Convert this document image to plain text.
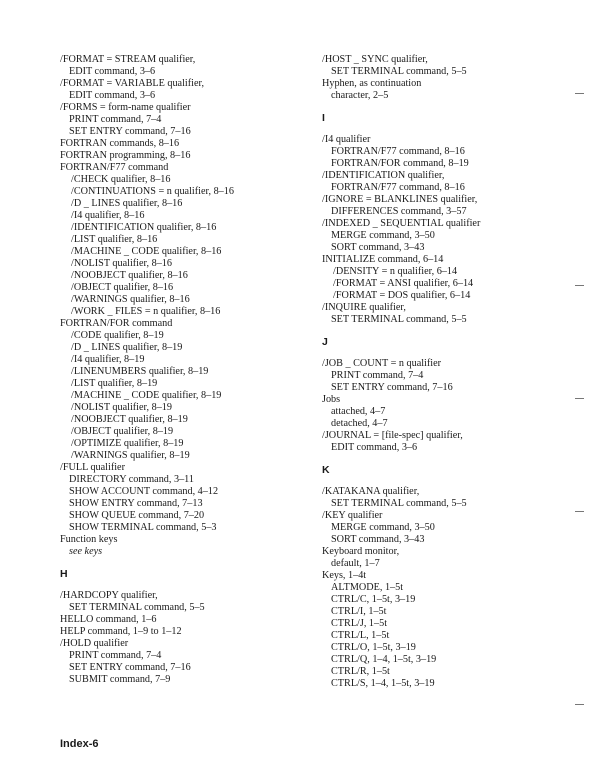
/FORMAT = STREAM qualifier,
EDIT command, 3–6
/FORMAT = VARIABLE qualifier,
EDIT command, 3–6
/FORMS = form-name qualifier
PRINT command, 7–4
SET ENTRY command, 7–16
FORTRAN commands, 8–16
FORTRAN programming, 8–16
FORTRAN/F77 command
/CHECK qualifier, 8–16
/CONTINUATIONS = n qualifier, 8–16
/D _ LINES qualifier, 8–16
/I4 qualifier, 8–16
/IDENTIFICATION qualifier, 8–16
/LIST qualifier, 8–16
/MACHINE _ CODE qualifier, 8–16
/NOLIST qualifier, 8–16
/NOOBJECT qualifier, 8–16
/OBJECT qualifier, 8–16
/WARNINGS qualifier, 8–16
/WORK _ FILES = n qualifier, 8–16
FORTRAN/FOR command
/CODE qualifier, 8–19
/D _ LINES qualifier, 8–19
/I4 qualifier, 8–19
/LINENUMBERS qualifier, 8–19
/LIST qualifier, 8–19
/MACHINE _ CODE qualifier, 8–19
/NOLIST qualifier, 8–19
/NOOBJECT qualifier, 8–19
/OBJECT qualifier, 8–19
/OPTIMIZE qualifier, 8–19
/WARNINGS qualifier, 8–19
/FULL qualifier
DIRECTORY command, 3–11
SHOW ACCOUNT command, 4–12
SHOW ENTRY command, 7–13
SHOW QUEUE command, 7–20
SHOW TERMINAL command, 5–3
Function keys
see keys
H
/HARDCOPY qualifier,
SET TERMINAL command, 5–5
HELLO command, 1–6
HELP command, 1–9 to 1–12
/HOLD qualifier
PRINT command, 7–4
SET ENTRY command, 7–16
SUBMIT command, 7–9
/HOST _ SYNC qualifier,
SET TERMINAL command, 5–5
Hyphen, as continuation
character, 2–5
I
/I4 qualifier
FORTRAN/F77 command, 8–16
FORTRAN/FOR command, 8–19
/IDENTIFICATION qualifier,
FORTRAN/F77 command, 8–16
/IGNORE = BLANKLINES qualifier,
DIFFERENCES command, 3–57
/INDEXED _ SEQUENTIAL qualifier
MERGE command, 3–50
SORT command, 3–43
INITIALIZE command, 6–14
/DENSITY = n qualifier, 6–14
/FORMAT = ANSI qualifier, 6–14
/FORMAT = DOS qualifier, 6–14
/INQUIRE qualifier,
SET TERMINAL command, 5–5
J
/JOB _ COUNT = n qualifier
PRINT command, 7–4
SET ENTRY command, 7–16
Jobs
attached, 4–7
detached, 4–7
/JOURNAL = [file-spec] qualifier,
EDIT command, 3–6
K
/KATAKANA qualifier,
SET TERMINAL command, 5–5
/KEY qualifier
MERGE command, 3–50
SORT command, 3–43
Keyboard monitor,
default, 1–7
Keys, 1–4t
ALTMODE, 1–5t
CTRL/C, 1–5t, 3–19
CTRL/I, 1–5t
CTRL/J, 1–5t
CTRL/L, 1–5t
CTRL/O, 1–5t, 3–19
CTRL/Q, 1–4, 1–5t, 3–19
CTRL/R, 1–5t
CTRL/S, 1–4, 1–5t, 3–19
Index-6
